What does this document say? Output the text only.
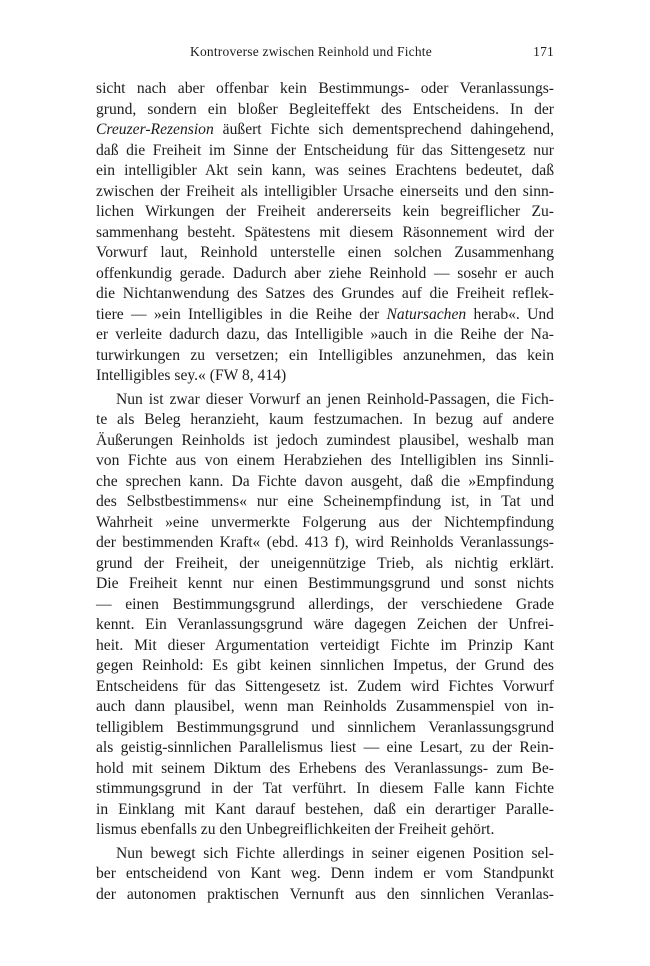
Kontroverse zwischen Reinhold und Fichte	171
sicht nach aber offenbar kein Bestimmungs- oder Veranlassungs-
grund, sondern ein bloßer Begleiteffekt des Entscheidens. In der
Creuzer-Rezension äußert Fichte sich dementsprechend dahingehend,
daß die Freiheit im Sinne der Entscheidung für das Sittengesetz nur
ein intelligibler Akt sein kann, was seines Erachtens bedeutet, daß
zwischen der Freiheit als intelligibler Ursache einerseits und den sinn-
lichen Wirkungen der Freiheit andererseits kein begreiflicher Zu-
sammenhang besteht. Spätestens mit diesem Räsonnement wird der
Vorwurf laut, Reinhold unterstelle einen solchen Zusammenhang
offenkundig gerade. Dadurch aber ziehe Reinhold — sosehr er auch
die Nichtanwendung des Satzes des Grundes auf die Freiheit reflek-
tiere — »ein Intelligibles in die Reihe der Natursachen herab«. Und
er verleite dadurch dazu, das Intelligible »auch in die Reihe der Na-
turwirkungen zu versetzen; ein Intelligibles anzunehmen, das kein
Intelligibles sey.« (FW 8, 414)
Nun ist zwar dieser Vorwurf an jenen Reinhold-Passagen, die Fich-
te als Beleg heranzieht, kaum festzumachen. In bezug auf andere
Äußerungen Reinholds ist jedoch zumindest plausibel, weshalb man
von Fichte aus von einem Herabziehen des Intelligiblen ins Sinnli-
che sprechen kann. Da Fichte davon ausgeht, daß die »Empfindung
des Selbstbestimmens« nur eine Scheinempfindung ist, in Tat und
Wahrheit »eine unvermerkte Folgerung aus der Nichtempfindung
der bestimmenden Kraft« (ebd. 413 f), wird Reinholds Veranlassungs-
grund der Freiheit, der uneigennützige Trieb, als nichtig erklärt.
Die Freiheit kennt nur einen Bestimmungsgrund und sonst nichts
— einen Bestimmungsgrund allerdings, der verschiedene Grade
kennt. Ein Veranlassungsgrund wäre dagegen Zeichen der Unfrei-
heit. Mit dieser Argumentation verteidigt Fichte im Prinzip Kant
gegen Reinhold: Es gibt keinen sinnlichen Impetus, der Grund des
Entscheidens für das Sittengesetz ist. Zudem wird Fichtes Vorwurf
auch dann plausibel, wenn man Reinholds Zusammenspiel von in-
telligiblem Bestimmungsgrund und sinnlichem Veranlassungsgrund
als geistig-sinnlichen Parallelismus liest — eine Lesart, zu der Rein-
hold mit seinem Diktum des Erhebens des Veranlassungs- zum Be-
stimmungsgrund in der Tat verführt. In diesem Falle kann Fichte
in Einklang mit Kant darauf bestehen, daß ein derartiger Paralle-
lismus ebenfalls zu den Unbegreiflichkeiten der Freiheit gehört.
Nun bewegt sich Fichte allerdings in seiner eigenen Position sel-
ber entscheidend von Kant weg. Denn indem er vom Standpunkt
der autonomen praktischen Vernunft aus den sinnlichen Veranlas-
